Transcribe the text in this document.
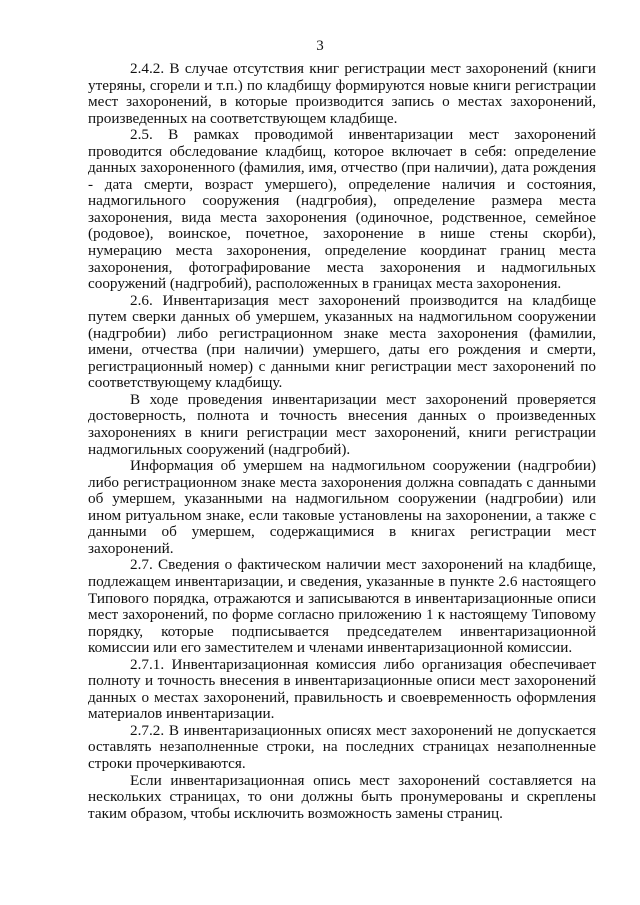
3

2.4.2. В случае отсутствия книг регистрации мест захоронений (книги утеряны, сгорели и т.п.) по кладбищу формируются новые книги регистрации мест захоронений, в которые производится запись о местах захоронений, произведенных на соответствующем кладбище.

2.5. В рамках проводимой инвентаризации мест захоронений проводится обследование кладбищ, которое включает в себя: определение данных захороненного (фамилия, имя, отчество (при наличии), дата рождения - дата смерти, возраст умершего), определение наличия и состояния, надмогильного сооружения (надгробия), определение размера места захоронения, вида места захоронения (одиночное, родственное, семейное (родовое), воинское, почетное, захоронение в нише стены скорби), нумерацию места захоронения, определение координат границ места захоронения, фотографирование места захоронения и надмогильных сооружений (надгробий), расположенных в границах места захоронения.

2.6. Инвентаризация мест захоронений производится на кладбище путем сверки данных об умершем, указанных на надмогильном сооружении (надгробии) либо регистрационном знаке места захоронения (фамилии, имени, отчества (при наличии) умершего, даты его рождения и смерти, регистрационный номер) с данными книг регистрации мест захоронений по соответствующему кладбищу.

В ходе проведения инвентаризации мест захоронений проверяется достоверность, полнота и точность внесения данных о произведенных захоронениях в книги регистрации мест захоронений, книги регистрации надмогильных сооружений (надгробий).

Информация об умершем на надмогильном сооружении (надгробии) либо регистрационном знаке места захоронения должна совпадать с данными об умершем, указанными на надмогильном сооружении (надгробии) или ином ритуальном знаке, если таковые установлены на захоронении, а также с данными об умершем, содержащимися в книгах регистрации мест захоронений.

2.7. Сведения о фактическом наличии мест захоронений на кладбище, подлежащем инвентаризации, и сведения, указанные в пункте 2.6 настоящего Типового порядка, отражаются и записываются в инвентаризационные описи мест захоронений, по форме согласно приложению 1 к настоящему Типовому порядку, которые подписывается председателем инвентаризационной комиссии или его заместителем и членами инвентаризационной комиссии.

2.7.1. Инвентаризационная комиссия либо организация обеспечивает полноту и точность внесения в инвентаризационные описи мест захоронений данных о местах захоронений, правильность и своевременность оформления материалов инвентаризации.

2.7.2. В инвентаризационных описях мест захоронений не допускается оставлять незаполненные строки, на последних страницах незаполненные строки прочеркиваются.

Если инвентаризационная опись мест захоронений составляется на нескольких страницах, то они должны быть пронумерованы и скреплены таким образом, чтобы исключить возможность замены страниц.
